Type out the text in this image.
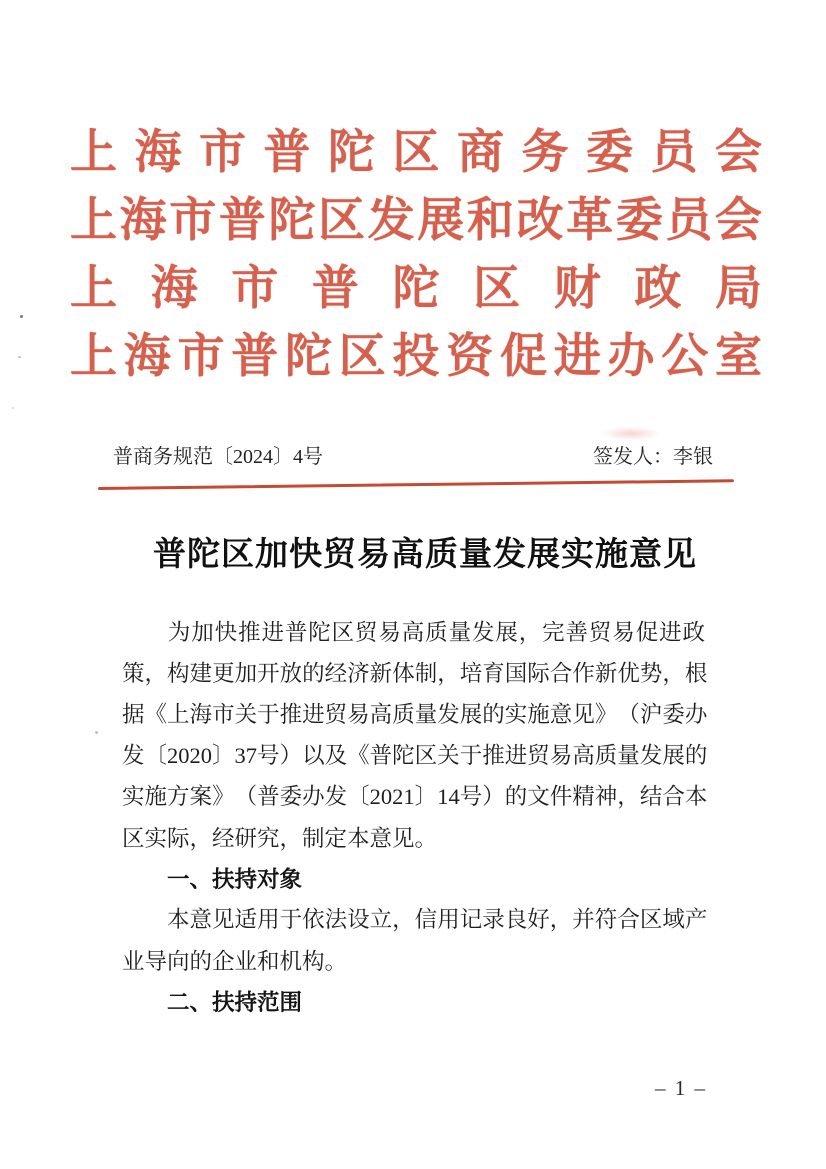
上 海 市 普 陀 区 商 务 委 员 会
上 海 市 普 陀 区 发 展 和 改 革 委 员 会
上 海 市 普 陀 区 财 政 局
上 海 市 普 陀 区 投 资 促 进 办 公 室
普商务规范〔2024〕4号	签发人：李银
普陀区加快贸易高质量发展实施意见
为 加 快 推 进 普 陀 区 贸 易 高 质 量 发 展 ， 完 善 贸 易 促 进 政
策 ， 构 建 更 加 开 放 的 经 济 新 体 制 ， 培 育 国 际 合 作 新 优 势 ， 根
据 《 上 海 市 关 于 推 进 贸 易 高 质 量 发 展 的 实 施 意 见 》 （ 沪 委 办
发 〔 2 0 2 0 〕 3 7 号 ） 以 及 《 普 陀 区 关 于 推 进 贸 易 高 质 量 发 展 的
实 施 方 案 》 （ 普 委 办 发 〔 2 0 2 1 〕 1 4 号 ） 的 文 件 精 神 ， 结 合 本
区实际，经研究，制定本意见。
一、扶持对象
本 意 见 适 用 于 依 法 设 立 ， 信 用 记 录 良 好 ， 并 符 合 区 域 产
业导向的企业和机构。
二、扶持范围
– 1 –
